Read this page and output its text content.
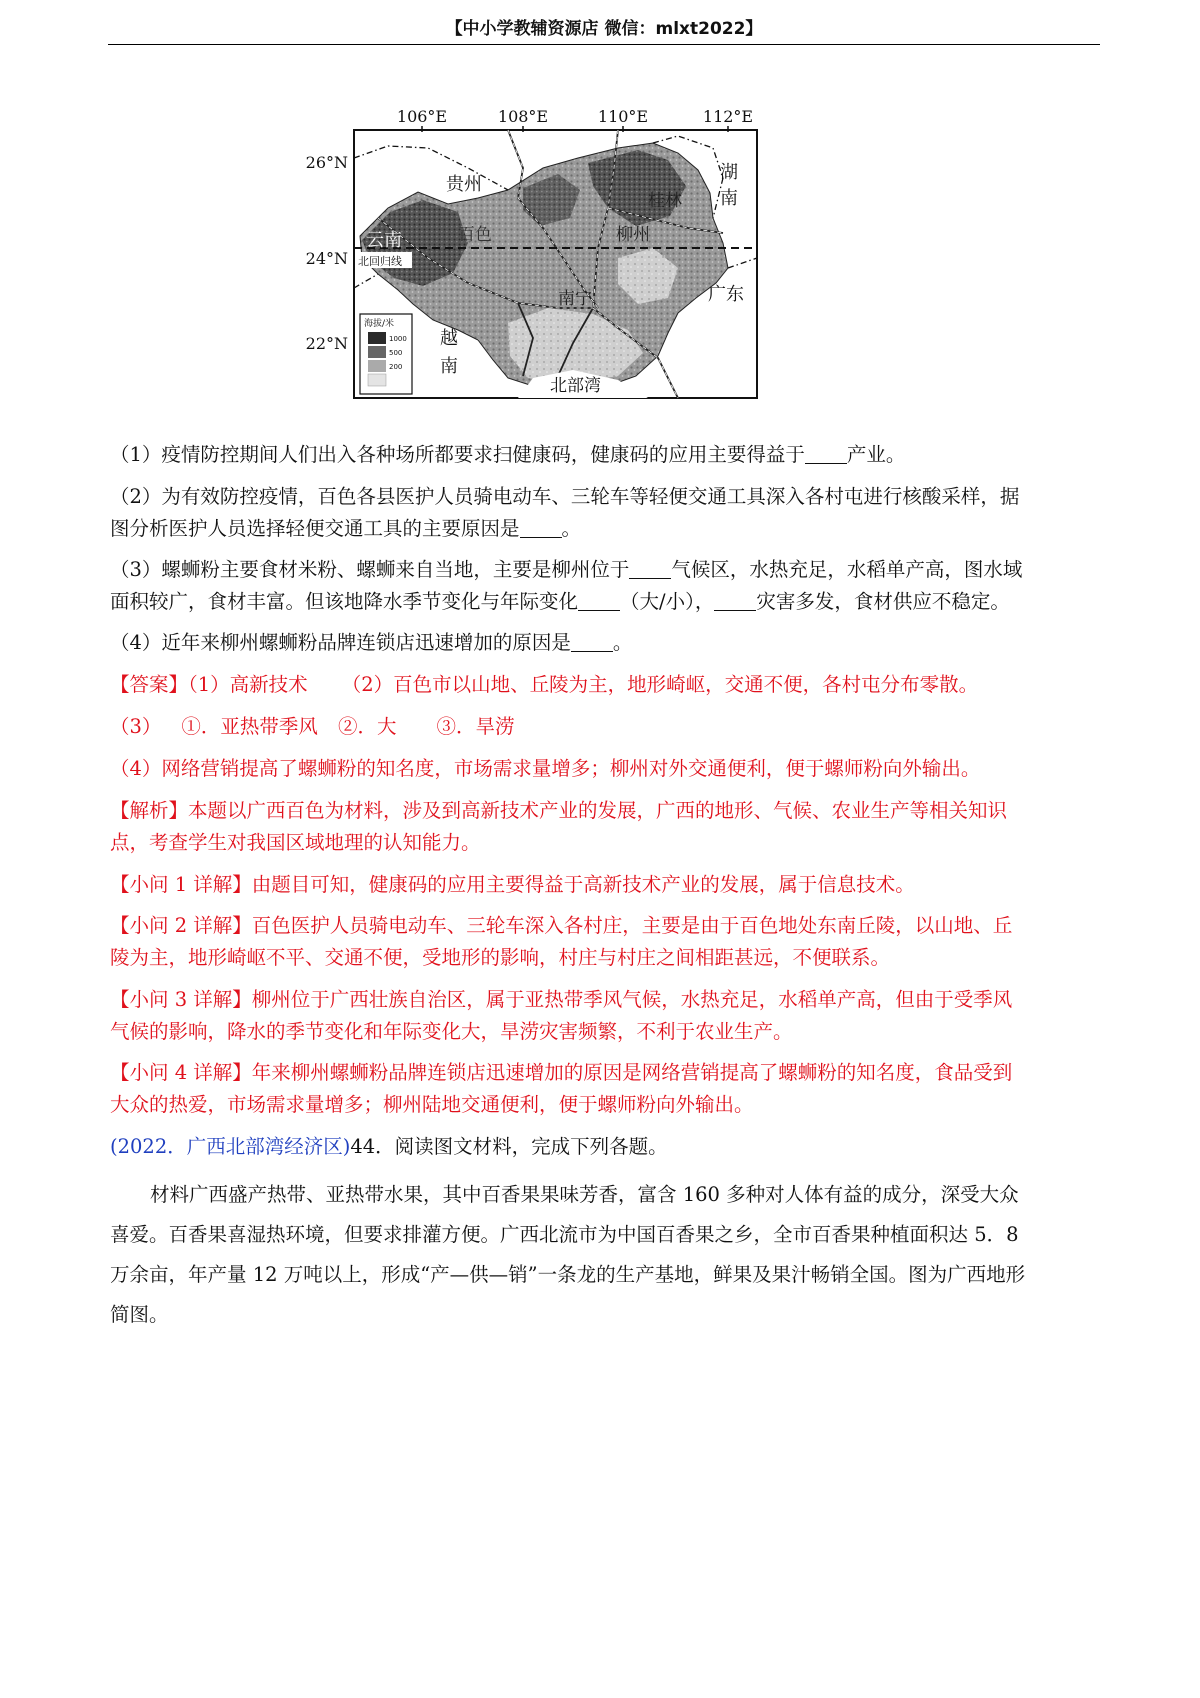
【中小学教辅资源店 微信：mlxt2022】
北回归线
106°E	108°E	110°E	112°E
26°N
24°N
22°N
贵州
湖
南
云南
广东
越
南
百色
南宁
柳州
桂林
北部湾
海拔/米
1000
500
200
（1）疫情防控期间人们出入各种场所都要求扫健康码，健康码的应用主要得益于 产业。
（2）为有效防控疫情，百色各县医护人员骑电动车、三轮车等轻便交通工具深入各村屯进行核酸采样，据
图分析医护人员选择轻便交通工具的主要原因是 。
（3）螺蛳粉主要食材米粉、螺蛳来自当地，主要是柳州位于 气候区，水热充足，水稻单产高，图水域
面积较广，食材丰富。但该地降水季节变化与年际变化 （大/小）， 灾害多发，食材供应不稳定。
（4）近年来柳州螺蛳粉品牌连锁店迅速增加的原因是 。
【答案】（1）高新技术 （2）百色市以山地、丘陵为主，地形崎岖，交通不便，各村屯分布零散。
（3） ①．亚热带季风 ②．大 ③．旱涝
（4）网络营销提高了螺蛳粉的知名度，市场需求量增多；柳州对外交通便利，便于螺师粉向外输出。
【解析】本题以广西百色为材料，涉及到高新技术产业的发展，广西的地形、气候、农业生产等相关知识
点，考查学生对我国区域地理的认知能力。
【小问 1 详解】由题目可知，健康码的应用主要得益于高新技术产业的发展，属于信息技术。
【小问 2 详解】百色医护人员骑电动车、三轮车深入各村庄，主要是由于百色地处东南丘陵，以山地、丘
陵为主，地形崎岖不平、交通不便，受地形的影响，村庄与村庄之间相距甚远，不便联系。
【小问 3 详解】柳州位于广西壮族自治区，属于亚热带季风气候，水热充足，水稻单产高，但由于受季风
气候的影响，降水的季节变化和年际变化大，旱涝灾害频繁，不利于农业生产。
【小问 4 详解】年来柳州螺蛳粉品牌连锁店迅速增加的原因是网络营销提高了螺蛳粉的知名度，食品受到
大众的热爱，市场需求量增多；柳州陆地交通便利，便于螺师粉向外输出。
(2022．广西北部湾经济区)44．阅读图文材料，完成下列各题。
材料广西盛产热带、亚热带水果，其中百香果果味芳香，富含 160 多种对人体有益的成分，深受大众
喜爱。百香果喜湿热环境，但要求排灌方便。广西北流市为中国百香果之乡，全市百香果种植面积达 5．8
万余亩，年产量 12 万吨以上，形成“产—供—销”一条龙的生产基地，鲜果及果汁畅销全国。图为广西地形
简图。
